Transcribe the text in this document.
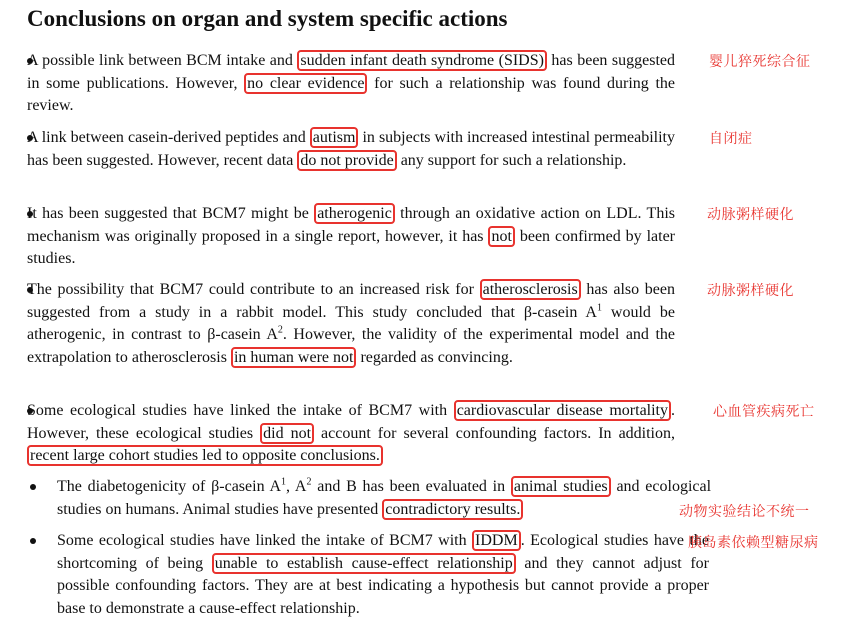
Conclusions on organ and system specific actions
A possible link between BCM intake and sudden infant death syndrome (SIDS) has been suggested in some publications. However, no clear evidence for such a relationship was found during the review.
婴儿猝死综合征
A link between casein-derived peptides and autism in subjects with increased intestinal permeability has been suggested. However, recent data do not provide any support for such a relationship.
自闭症
It has been suggested that BCM7 might be atherogenic through an oxidative action on LDL. This mechanism was originally proposed in a single report, however, it has not been confirmed by later studies.
动脉粥样硬化
The possibility that BCM7 could contribute to an increased risk for atherosclerosis has also been suggested from a study in a rabbit model. This study concluded that β-casein $A^1$ would be atherogenic, in contrast to β-casein $A^2$. However, the validity of the experimental model and the extrapolation to atherosclerosis in human were not regarded as convincing.
动脉粥样硬化
Some ecological studies have linked the intake of BCM7 with cardiovascular disease mortality . However, these ecological studies did not account for several confounding factors. In addition, recent large cohort studies led to opposite conclusions.
心血管疾病死亡
The diabetogenicity of β-casein $A^1$, $A^2$ and B has been evaluated in animal studies and ecological studies on humans. Animal studies have presented contradictory results.	动物实验结论不统一
Some ecological studies have linked the intake of BCM7 with IDDM . Ecological studies have the shortcoming of being unable to establish cause-effect relationship and they cannot adjust for possible confounding factors. They are at best indicating a hypothesis but cannot provide a proper base to demonstrate a cause-effect relationship.
胰岛素依赖型糖尿病
